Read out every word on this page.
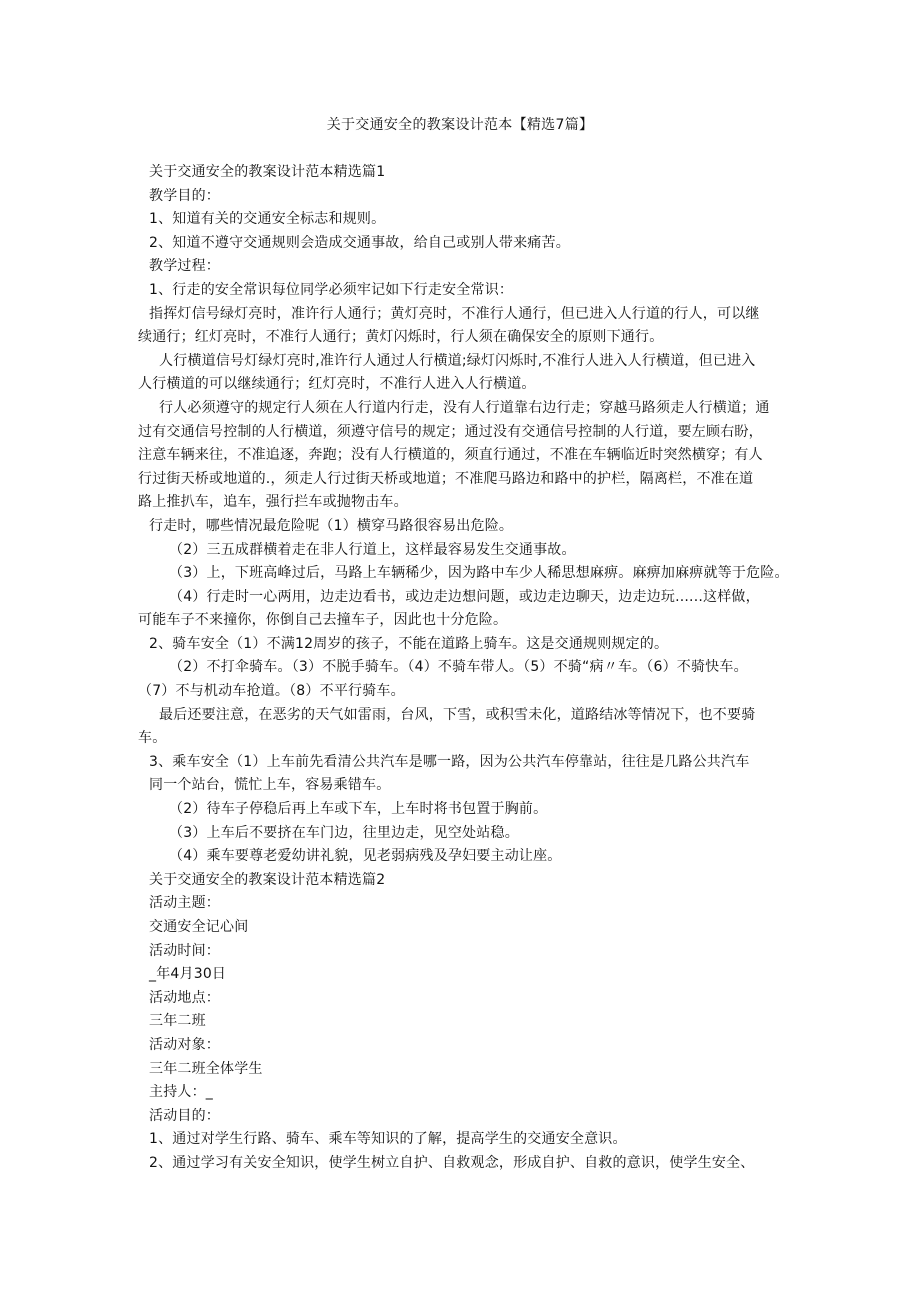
关于交通安全的教案设计范本【精选7篇】
关于交通安全的教案设计范本精选篇1
教学目的：
1、知道有关的交通安全标志和规则。
2、知道不遵守交通规则会造成交通事故，给自己或别人带来痛苦。
教学过程：
1、行走的安全常识每位同学必须牢记如下行走安全常识：
指挥灯信号绿灯亮时，准许行人通行；黄灯亮时，不准行人通行，但已进入人行道的行人，可以继
续通行；红灯亮时，不准行人通行；黄灯闪烁时，行人须在确保安全的原则下通行。
人行横道信号灯绿灯亮时,准许行人通过人行横道;绿灯闪烁时,不准行人进入人行横道，但已进入
人行横道的可以继续通行；红灯亮时，不准行人进入人行横道。
行人必须遵守的规定行人须在人行道内行走，没有人行道靠右边行走；穿越马路须走人行横道；通
过有交通信号控制的人行横道，须遵守信号的规定；通过没有交通信号控制的人行道，要左顾右盼，
注意车辆来往，不准追逐，奔跑；没有人行横道的，须直行通过，不准在车辆临近时突然横穿；有人
行过街天桥或地道的.，须走人行过街天桥或地道；不准爬马路边和路中的护栏，隔离栏，不准在道
路上推扒车，追车，强行拦车或抛物击车。
行走时，哪些情况最危险呢（1）横穿马路很容易出危险。
（2）三五成群横着走在非人行道上，这样最容易发生交通事故。
（3）上，下班高峰过后，马路上车辆稀少，因为路中车少人稀思想麻痹。麻痹加麻痹就等于危险。
（4）行走时一心两用，边走边看书，或边走边想问题，或边走边聊天，边走边玩......这样做，
可能车子不来撞你，你倒自己去撞车子，因此也十分危险。
2、骑车安全（1）不满12周岁的孩子，不能在道路上骑车。这是交通规则规定的。
（2）不打伞骑车。（3）不脱手骑车。（4）不骑车带人。（5）不骑“病〃车。（6）不骑快车。
（7）不与机动车抢道。（8）不平行骑车。
最后还要注意，在恶劣的天气如雷雨，台风，下雪，或积雪未化，道路结冰等情况下，也不要骑
车。
3、乘车安全（1）上车前先看清公共汽车是哪一路，因为公共汽车停靠站，往往是几路公共汽车
同一个站台，慌忙上车，容易乘错车。
（2）待车子停稳后再上车或下车，上车时将书包置于胸前。
（3）上车后不要挤在车门边，往里边走，见空处站稳。
（4）乘车要尊老爱幼讲礼貌，见老弱病残及孕妇要主动让座。
关于交通安全的教案设计范本精选篇2
活动主题：
交通安全记心间
活动时间：
_年4月30日
活动地点：
三年二班
活动对象：
三年二班全体学生
主持人：_
活动目的：
1、通过对学生行路、骑车、乘车等知识的了解，提高学生的交通安全意识。
2、通过学习有关安全知识，使学生树立自护、自救观念，形成自护、自救的意识，使学生安全、
